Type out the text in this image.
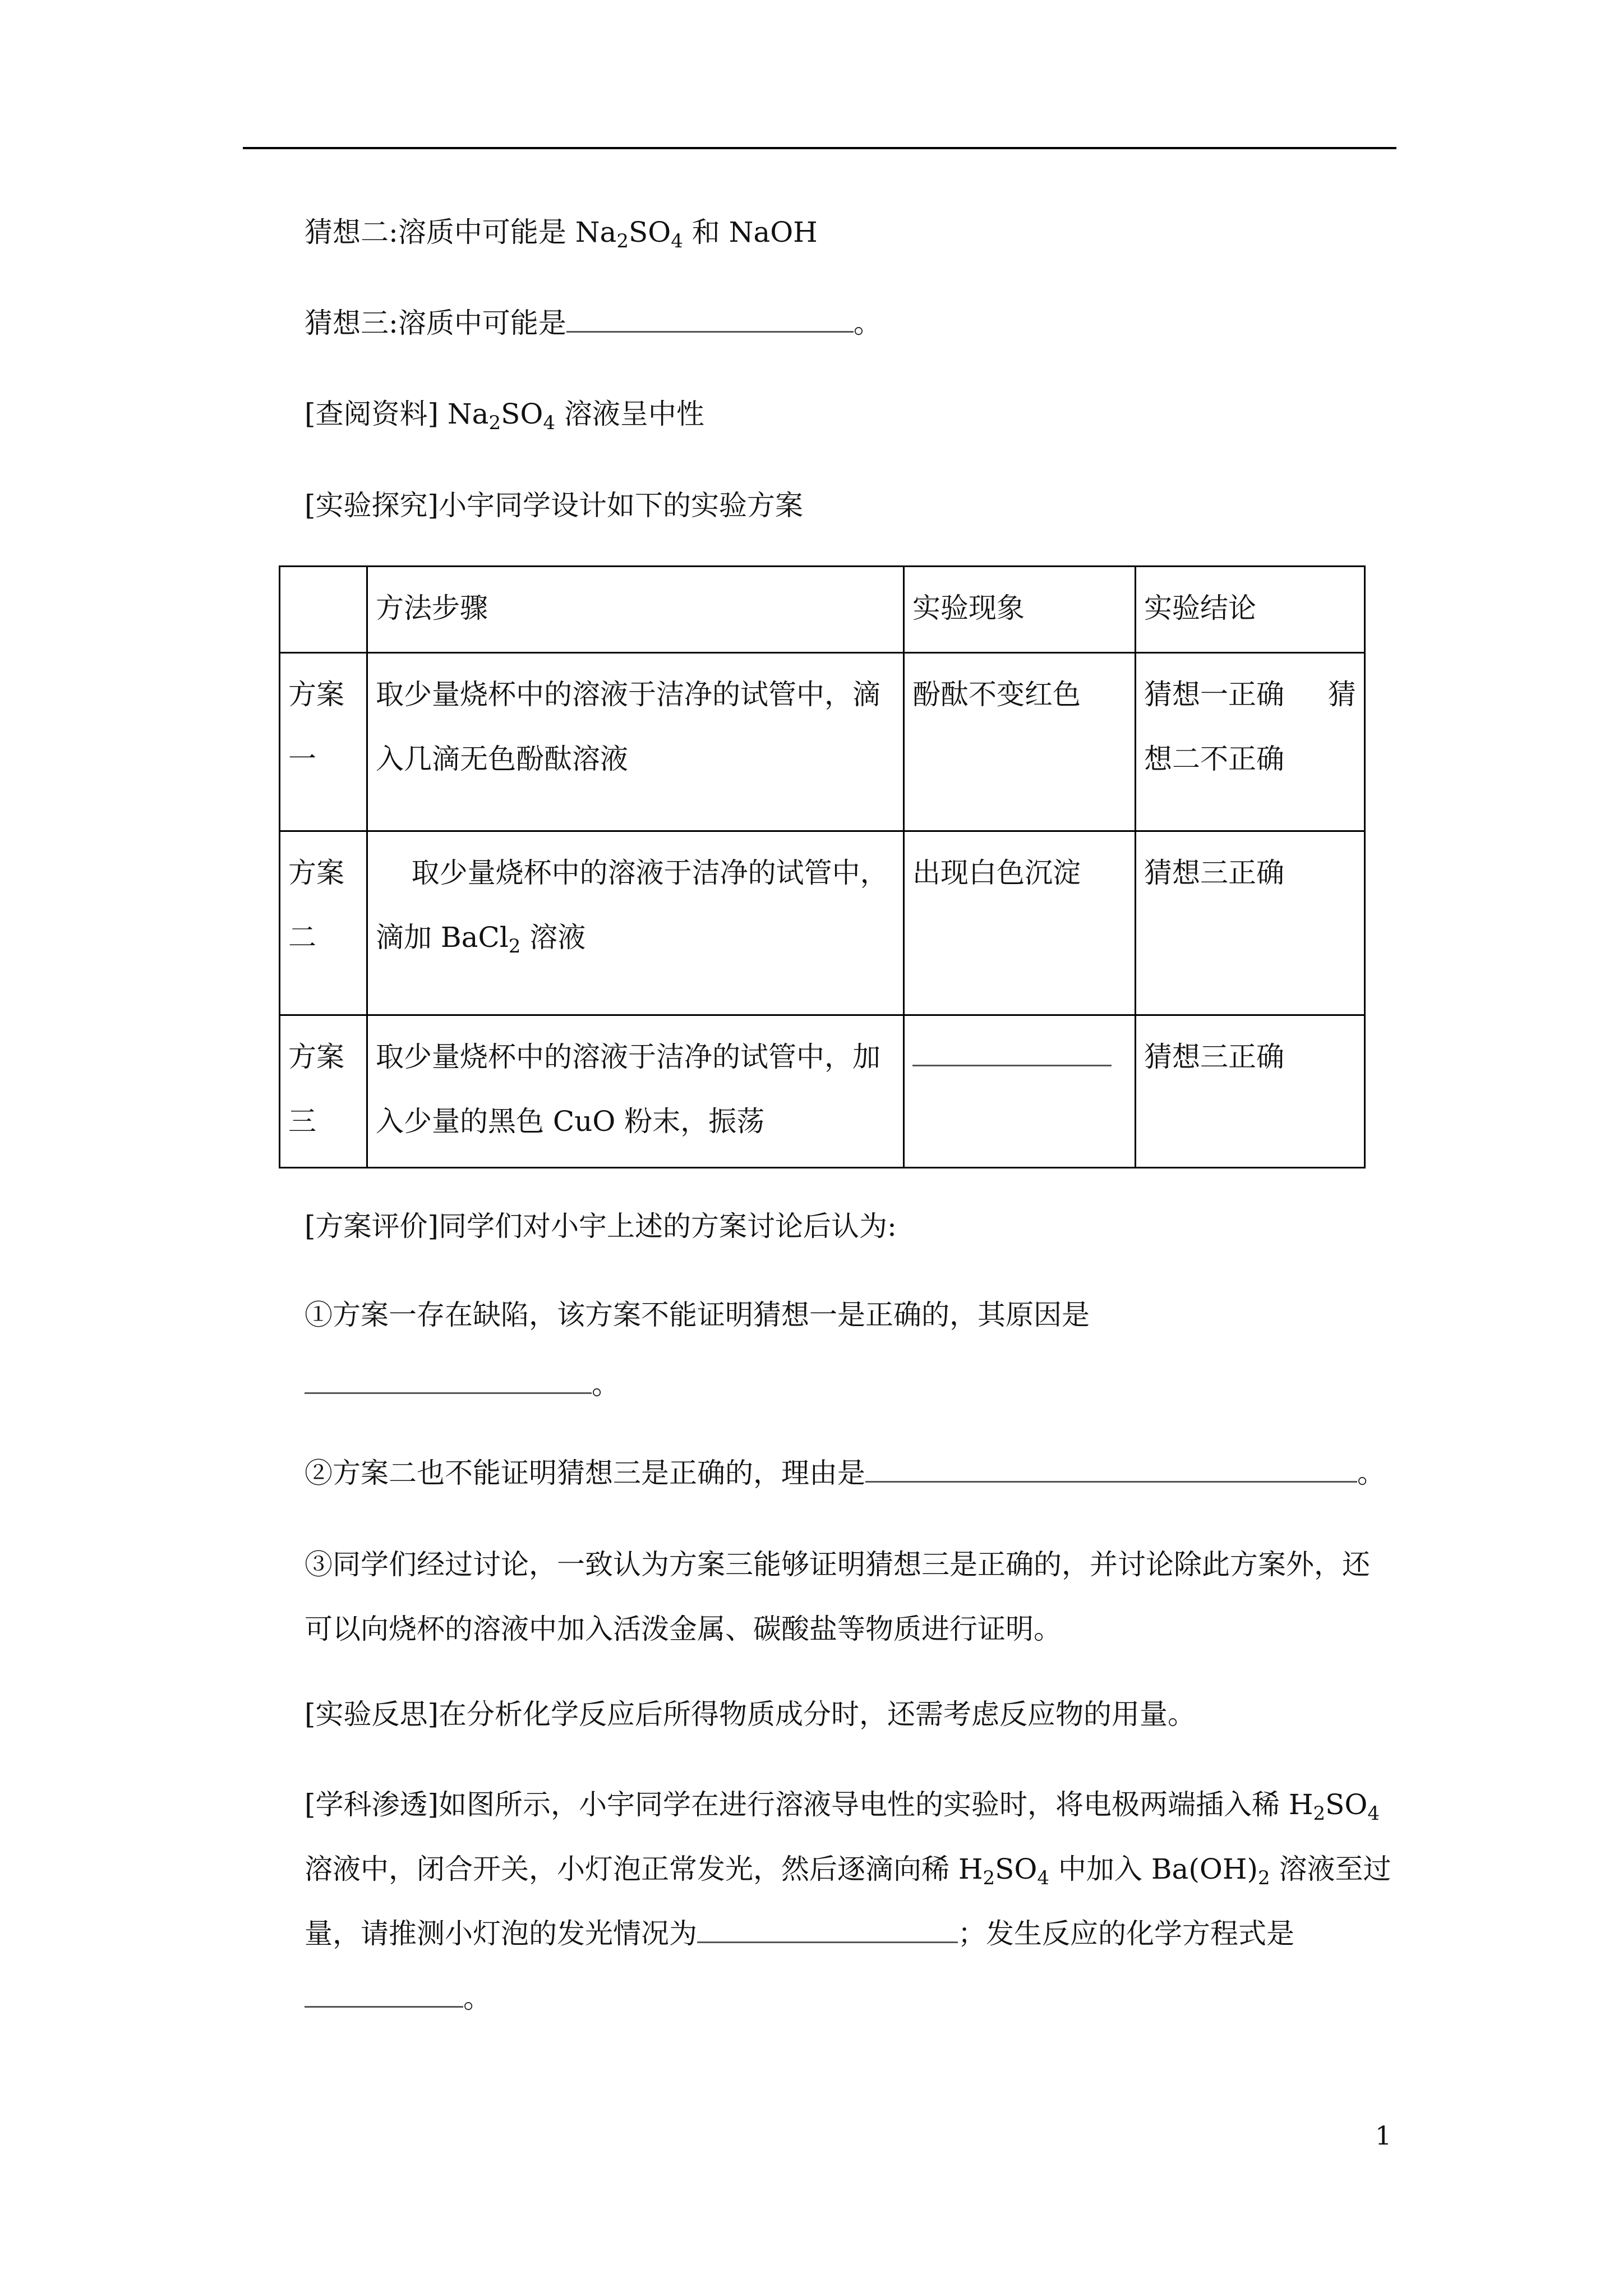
猜想二:溶质中可能是 $Na_2SO_4$ 和 NaOH
猜想三:溶质中可能是	。
[查阅资料] $Na_2SO_4$ 溶液呈中性
[实验探究]小宇同学设计如下的实验方案
	方法步骤	实验现象	实验结论
方案一	取少量烧杯中的溶液于洁净的试管中，滴入几滴无色酚酞溶液	酚酞不变红色	猜想一正确 猜
想二不正确

方案二	取少量烧杯中的溶液于洁净的试管中，滴加 BaCl$_2$ 溶液	出现白色沉淀	猜想三正确
方案三	取少量烧杯中的溶液于洁净的试管中，加入少量的黑色 CuO 粉末，振荡		猜想三正确
[方案评价]同学们对小宇上述的方案讨论后认为:
①方案一存在缺陷，该方案不能证明猜想一是正确的，其原因是
。
②方案二也不能证明猜想三是正确的，理由是	。
③同学们经过讨论，一致认为方案三能够证明猜想三是正确的，并讨论除此方案外，还可以向烧杯的溶液中加入活泼金属、碳酸盐等物质进行证明。
[实验反思]在分析化学反应后所得物质成分时，还需考虑反应物的用量。
[学科渗透]如图所示，小宇同学在进行溶液导电性的实验时，将电极两端插入稀 $H_2SO_4$ 溶液中，闭合开关，小灯泡正常发光，然后逐滴向稀 $H_2SO_4$ 中加入 $Ba(OH)_2$ 溶液至过量，请推测小灯泡的发光情况为	；发生反应的化学方程式是
。
1
